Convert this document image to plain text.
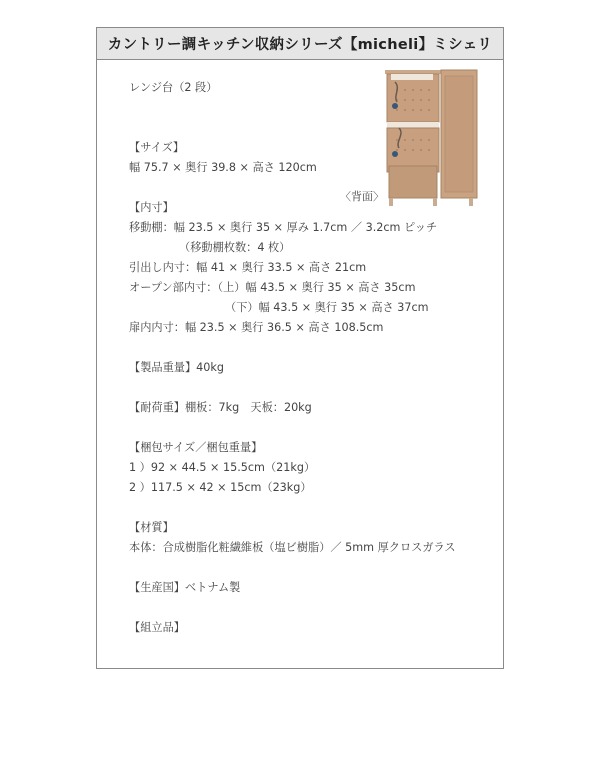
カントリー調キッチン収納シリーズ【micheli】ミシェリ
〈背面〉
レンジ台（2 段）
【サイズ】
幅 75.7 × 奥行 39.8 × 高さ 120cm
【内寸】
移動棚：幅 23.5 × 奥行 35 × 厚み 1.7cm ／ 3.2cm ピッチ
（移動棚枚数：4 枚）
引出し内寸：幅 41 × 奥行 33.5 × 高さ 21cm
オープン部内寸：（上）幅 43.5 × 奥行 35 × 高さ 35cm
（下）幅 43.5 × 奥行 35 × 高さ 37cm
扉内内寸：幅 23.5 × 奥行 36.5 × 高さ 108.5cm
【製品重量】40kg
【耐荷重】棚板：7kg　天板：20kg
【梱包サイズ／梱包重量】
1 ）92 × 44.5 × 15.5cm（21kg）
2 ）117.5 × 42 × 15cm（23kg）
【材質】
本体：合成樹脂化粧繊維板（塩ビ樹脂）／ 5mm 厚クロスガラス
【生産国】ベトナム製
【組立品】
